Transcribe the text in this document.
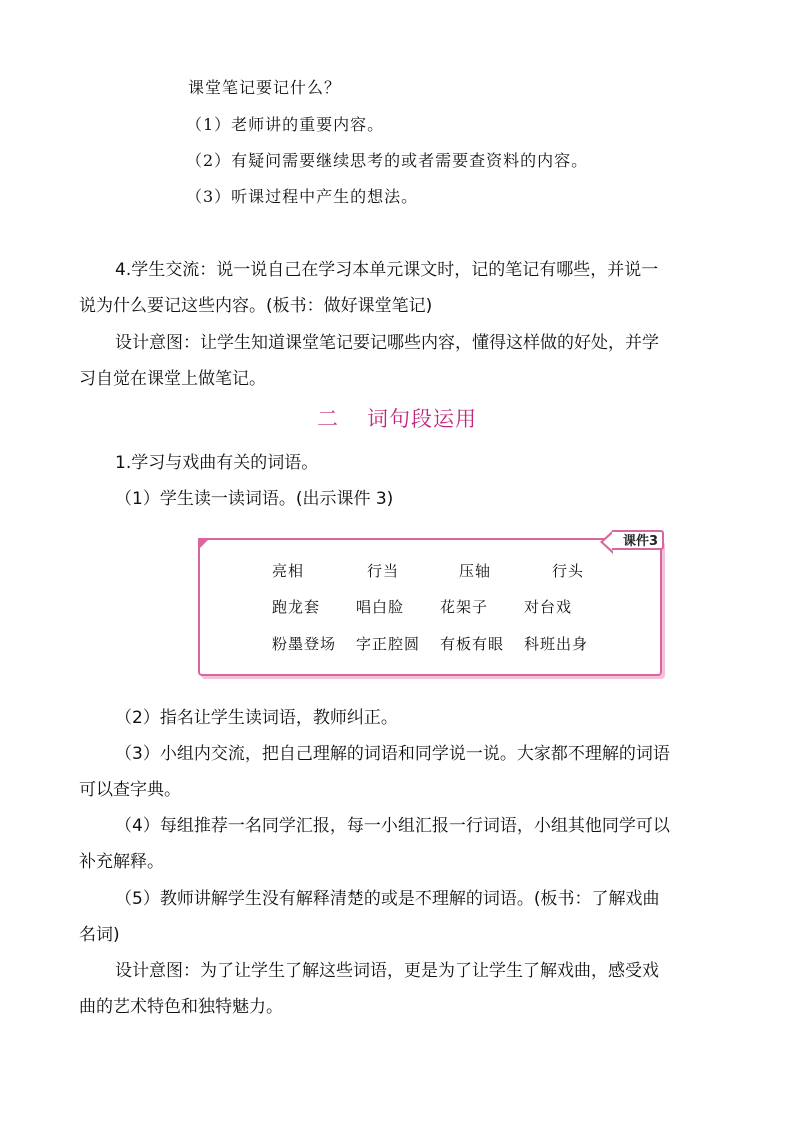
课堂笔记要记什么？
（1）老师讲的重要内容。
（2）有疑问需要继续思考的或者需要查资料的内容。
（3）听课过程中产生的想法。
4.学生交流：说一说自己在学习本单元课文时，记的笔记有哪些，并说一
说为什么要记这些内容。(板书：做好课堂笔记)
设计意图：让学生知道课堂笔记要记哪些内容，懂得这样做的好处，并学
习自觉在课堂上做笔记。
二 词句段运用
1.学习与戏曲有关的词语。
（1）学生读一读词语。(出示课件 3)
课件3
亮相	行当	压轴	行头
跑龙套 唱白脸 花架子 对台戏
粉墨登场 字正腔圆 有板有眼 科班出身
（2）指名让学生读词语，教师纠正。
（3）小组内交流，把自己理解的词语和同学说一说。大家都不理解的词语
可以查字典。
（4）每组推荐一名同学汇报，每一小组汇报一行词语，小组其他同学可以
补充解释。
（5）教师讲解学生没有解释清楚的或是不理解的词语。(板书：了解戏曲
名词)
设计意图：为了让学生了解这些词语，更是为了让学生了解戏曲，感受戏
曲的艺术特色和独特魅力。
